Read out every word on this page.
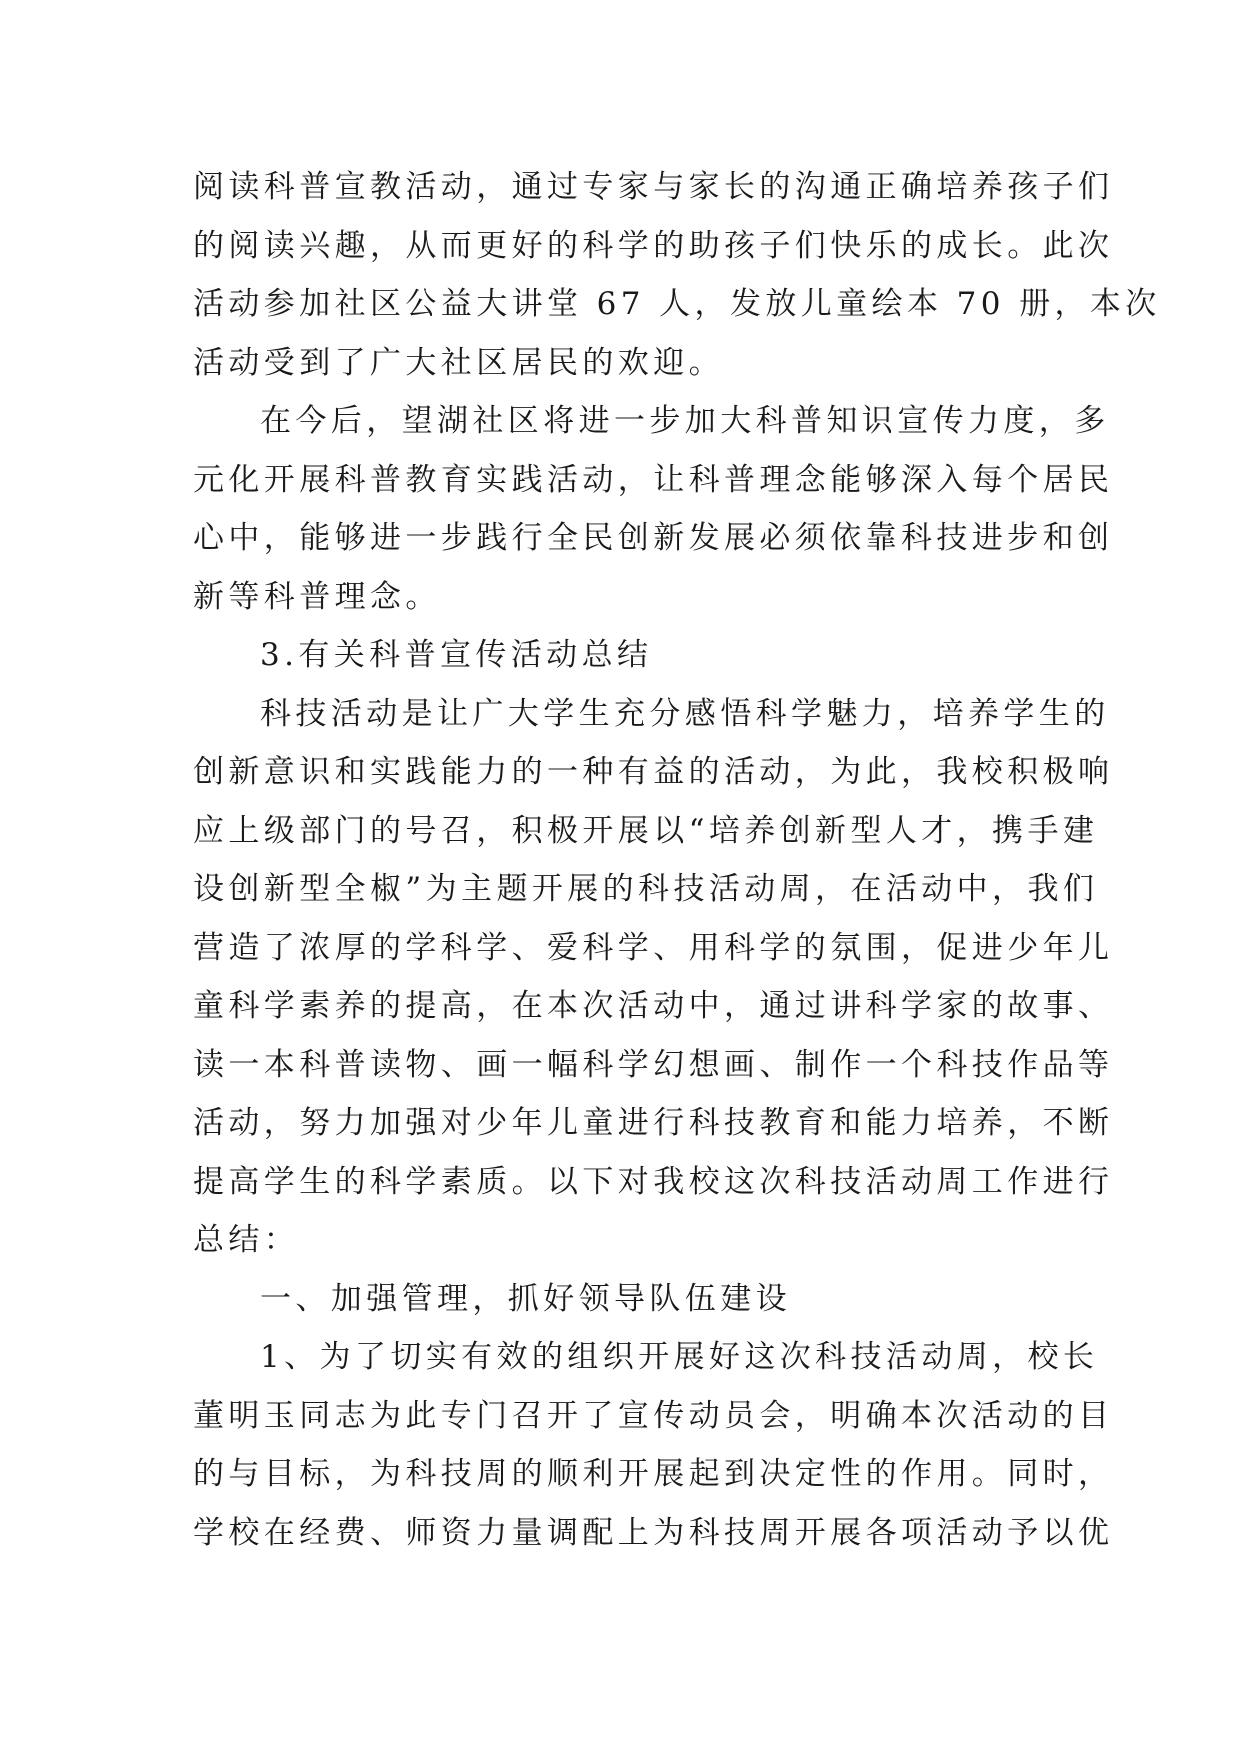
阅读科普宣教活动，通过专家与家长的沟通正确培养孩子们
的阅读兴趣，从而更好的科学的助孩子们快乐的成长。此次
活动参加社区公益大讲堂 67 人，发放儿童绘本 70 册，本次
活动受到了广大社区居民的欢迎。
在今后，望湖社区将进一步加大科普知识宣传力度，多
元化开展科普教育实践活动，让科普理念能够深入每个居民
心中，能够进一步践行全民创新发展必须依靠科技进步和创
新等科普理念。
3.有关科普宣传活动总结
科技活动是让广大学生充分感悟科学魅力，培养学生的
创新意识和实践能力的一种有益的活动，为此，我校积极响
应上级部门的号召，积极开展以“培养创新型人才，携手建
设创新型全椒”为主题开展的科技活动周，在活动中，我们
营造了浓厚的学科学、爱科学、用科学的氛围，促进少年儿
童科学素养的提高，在本次活动中，通过讲科学家的故事、
读一本科普读物、画一幅科学幻想画、制作一个科技作品等
活动，努力加强对少年儿童进行科技教育和能力培养，不断
提高学生的科学素质。以下对我校这次科技活动周工作进行
总结：
一、加强管理，抓好领导队伍建设
1、为了切实有效的组织开展好这次科技活动周，校长
董明玉同志为此专门召开了宣传动员会，明确本次活动的目
的与目标，为科技周的顺利开展起到决定性的作用。同时，
学校在经费、师资力量调配上为科技周开展各项活动予以优
